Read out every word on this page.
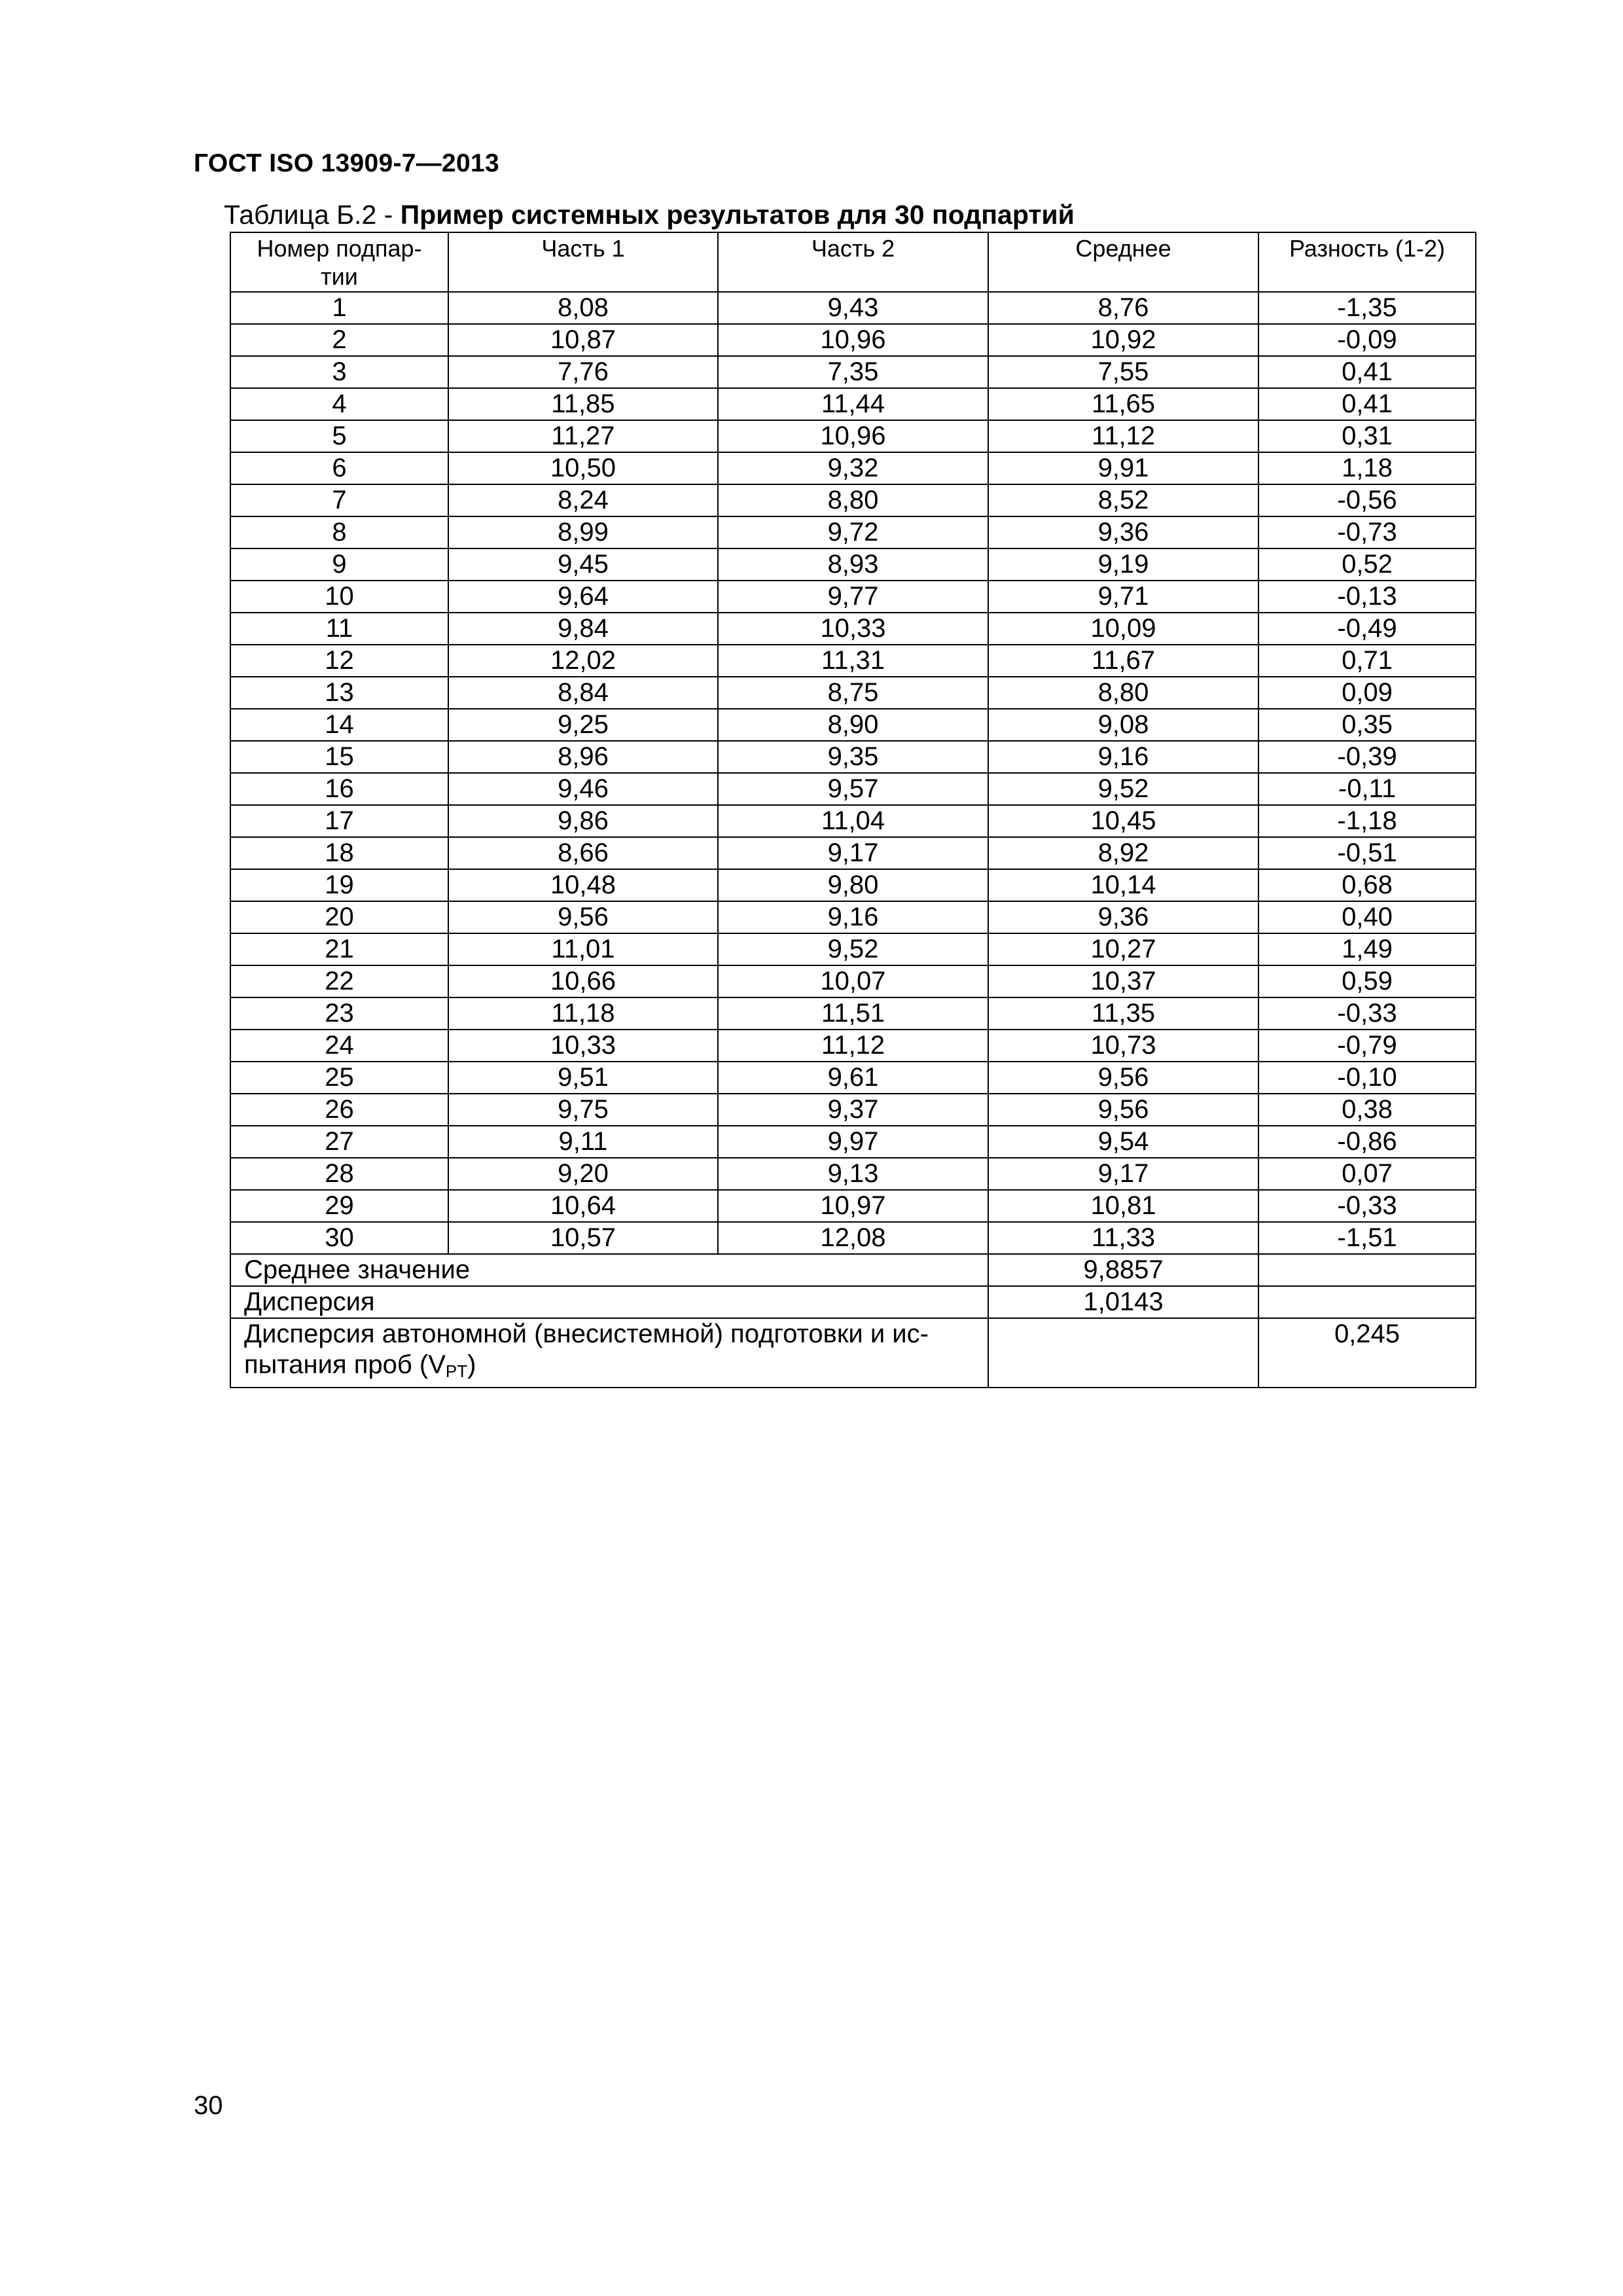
ГОСТ ISO 13909-7—2013
Таблица Б.2 - Пример системных результатов для 30 подпартий
Номер подпар-
тии	Часть 1	Часть 2	Среднее	Разность (1-2)
1	8,08	9,43	8,76	-1,35
2	10,87	10,96	10,92	-0,09
3	7,76	7,35	7,55	0,41
4	11,85	11,44	11,65	0,41
5	11,27	10,96	11,12	0,31
6	10,50	9,32	9,91	1,18
7	8,24	8,80	8,52	-0,56
8	8,99	9,72	9,36	-0,73
9	9,45	8,93	9,19	0,52
10	9,64	9,77	9,71	-0,13
11	9,84	10,33	10,09	-0,49
12	12,02	11,31	11,67	0,71
13	8,84	8,75	8,80	0,09
14	9,25	8,90	9,08	0,35
15	8,96	9,35	9,16	-0,39
16	9,46	9,57	9,52	-0,11
17	9,86	11,04	10,45	-1,18
18	8,66	9,17	8,92	-0,51
19	10,48	9,80	10,14	0,68
20	9,56	9,16	9,36	0,40
21	11,01	9,52	10,27	1,49
22	10,66	10,07	10,37	0,59
23	11,18	11,51	11,35	-0,33
24	10,33	11,12	10,73	-0,79
25	9,51	9,61	9,56	-0,10
26	9,75	9,37	9,56	0,38
27	9,11	9,97	9,54	-0,86
28	9,20	9,13	9,17	0,07
29	10,64	10,97	10,81	-0,33
30	10,57	12,08	11,33	-1,51
Среднее значение			9,8857	
Дисперсия			1,0143	
Дисперсия автономной (внесистемной) подготовки и ис-
пытания проб $(V_{PT})$				0,245
30
